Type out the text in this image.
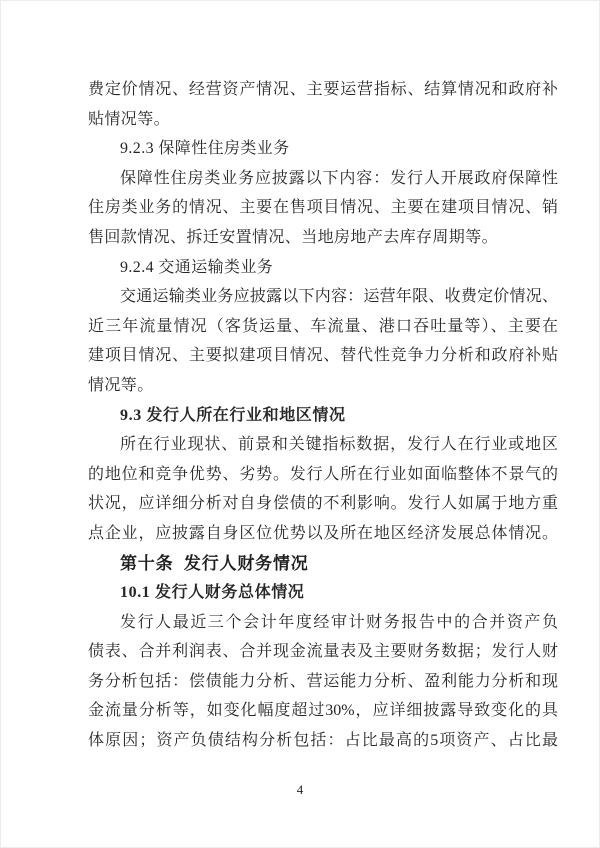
费定价情况、经营资产情况、主要运营指标、结算情况和政府补
贴情况等。
9.2.3 保障性住房类业务
保障性住房类业务应披露以下内容：发行人开展政府保障性
住房类业务的情况、主要在售项目情况、主要在建项目情况、销
售回款情况、拆迁安置情况、当地房地产去库存周期等。
9.2.4 交通运输类业务
交通运输类业务应披露以下内容：运营年限、收费定价情况、
近三年流量情况（客货运量、车流量、港口吞吐量等）、主要在
建项目情况、主要拟建项目情况、替代性竞争力分析和政府补贴
情况等。
9.3 发行人所在行业和地区情况
所在行业现状、前景和关键指标数据，发行人在行业或地区
的地位和竞争优势、劣势。发行人所在行业如面临整体不景气的
状况，应详细分析对自身偿债的不利影响。发行人如属于地方重
点企业，应披露自身区位优势以及所在地区经济发展总体情况。
第十条 发行人财务情况
10.1 发行人财务总体情况
发行人最近三个会计年度经审计财务报告中的合并资产负
债表、合并利润表、合并现金流量表及主要财务数据；发行人财
务分析包括：偿债能力分析、营运能力分析、盈利能力分析和现
金流量分析等，如变化幅度超过30%，应详细披露导致变化的具
体原因；资产负债结构分析包括：占比最高的5项资产、占比最
4
